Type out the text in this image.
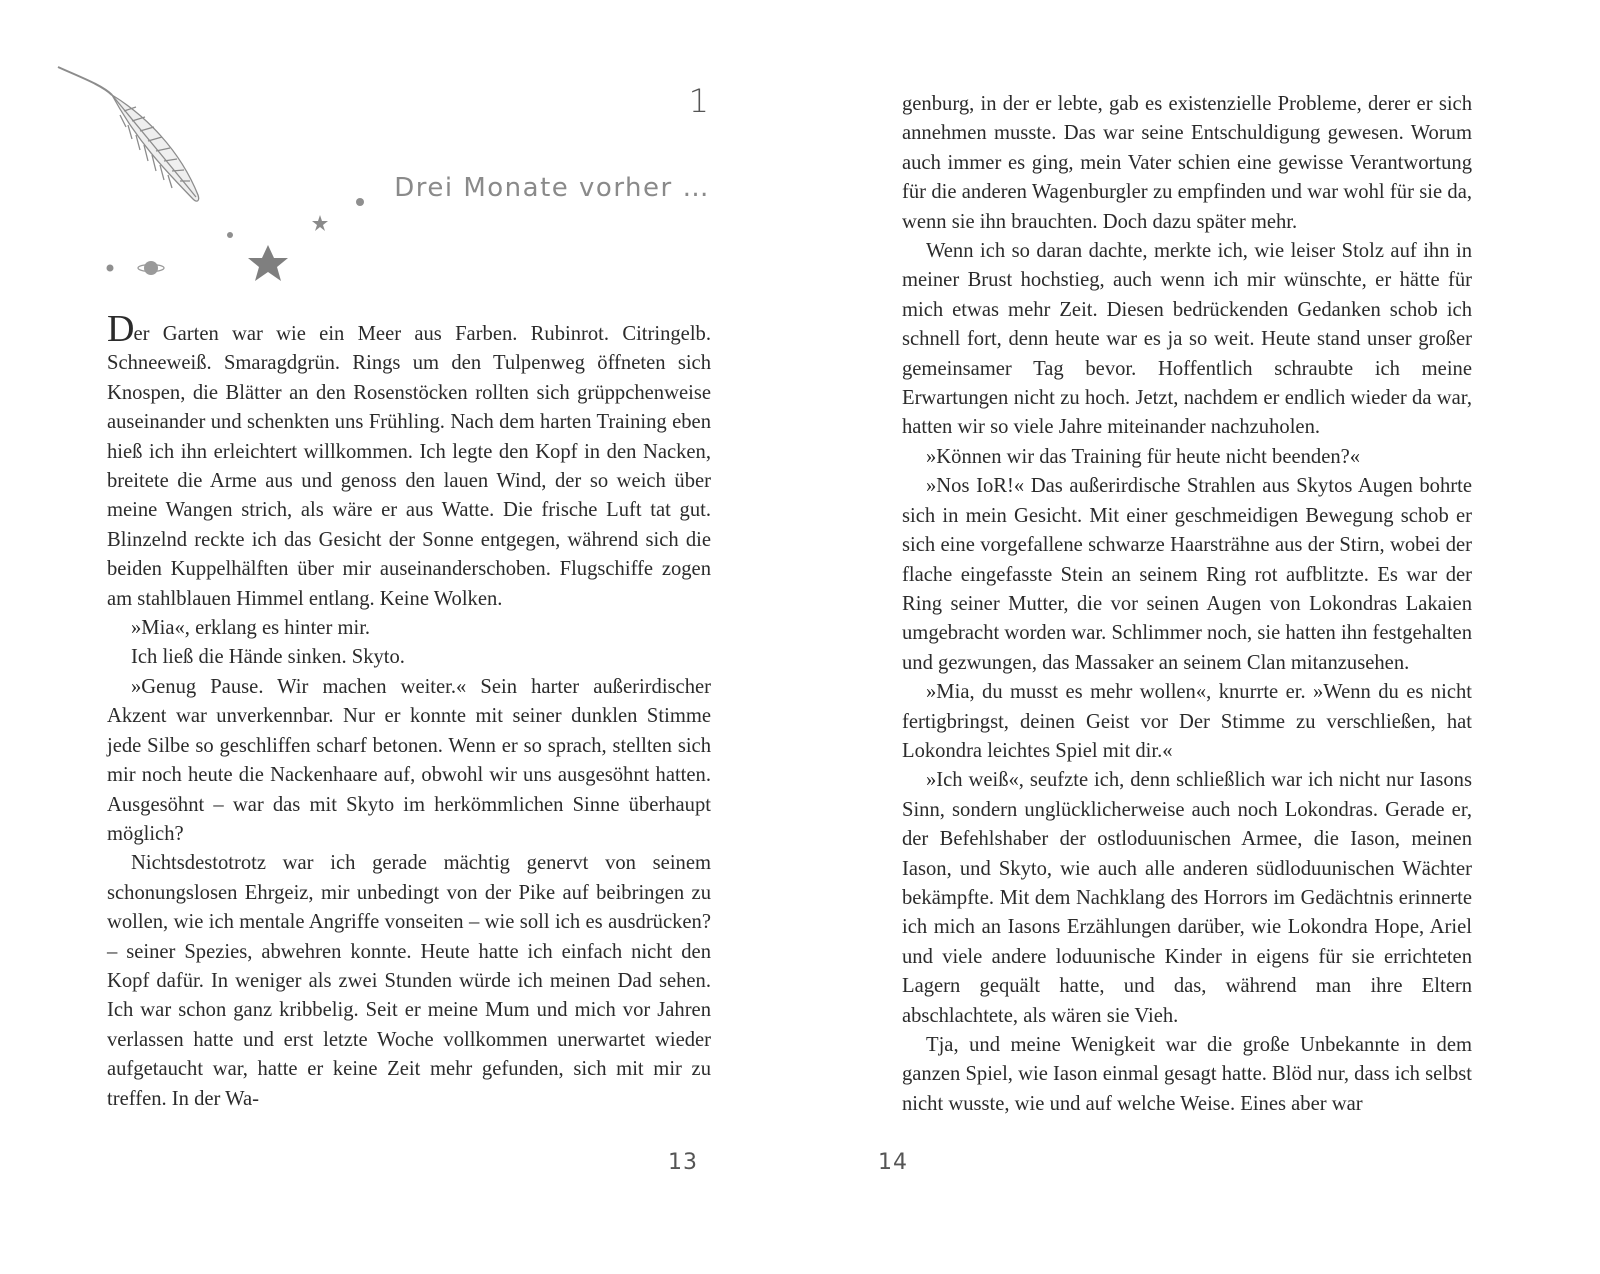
1
Drei Monate vorher …

Der Garten war wie ein Meer aus Farben. Rubinrot. Citringelb. Schneeweiß. Smaragdgrün. Rings um den Tulpenweg öffneten sich Knospen, die Blätter an den Rosenstöcken rollten sich grüppchenweise auseinander und schenkten uns Frühling. Nach dem harten Training eben hieß ich ihn erleichtert willkommen. Ich legte den Kopf in den Nacken, breitete die Arme aus und genoss den lauen Wind, der so weich über meine Wangen strich, als wäre er aus Watte. Die frische Luft tat gut. Blinzelnd reckte ich das Gesicht der Sonne entgegen, während sich die beiden Kuppelhälften über mir auseinanderschoben. Flugschiffe zogen am stahlblauen Himmel entlang. Keine Wolken.

»Mia«, erklang es hinter mir.

Ich ließ die Hände sinken. Skyto.

»Genug Pause. Wir machen weiter.« Sein harter außerirdischer Akzent war unverkennbar. Nur er konnte mit seiner dunklen Stimme jede Silbe so geschliffen scharf betonen. Wenn er so sprach, stellten sich mir noch heute die Nackenhaare auf, obwohl wir uns ausgesöhnt hatten. Ausgesöhnt – war das mit Skyto im herkömmlichen Sinne überhaupt möglich?

Nichtsdestotrotz war ich gerade mächtig genervt von seinem schonungslosen Ehrgeiz, mir unbedingt von der Pike auf beibringen zu wollen, wie ich mentale Angriffe vonseiten – wie soll ich es ausdrücken? – seiner Spezies, abwehren konnte. Heute hatte ich einfach nicht den Kopf dafür. In weniger als zwei Stunden würde ich meinen Dad sehen. Ich war schon ganz kribbelig. Seit er meine Mum und mich vor Jahren verlassen hatte und erst letzte Woche vollkommen unerwartet wieder aufgetaucht war, hatte er keine Zeit mehr gefunden, sich mit mir zu treffen. In der Wa-

13

genburg, in der er lebte, gab es existenzielle Probleme, derer er sich annehmen musste. Das war seine Entschuldigung gewesen. Worum auch immer es ging, mein Vater schien eine gewisse Verantwortung für die anderen Wagenburgler zu empfinden und war wohl für sie da, wenn sie ihn brauchten. Doch dazu später mehr.

Wenn ich so daran dachte, merkte ich, wie leiser Stolz auf ihn in meiner Brust hochstieg, auch wenn ich mir wünschte, er hätte für mich etwas mehr Zeit. Diesen bedrückenden Gedanken schob ich schnell fort, denn heute war es ja so weit. Heute stand unser großer gemeinsamer Tag bevor. Hoffentlich schraubte ich meine Erwartungen nicht zu hoch. Jetzt, nachdem er endlich wieder da war, hatten wir so viele Jahre miteinander nachzuholen.

»Können wir das Training für heute nicht beenden?«

»Nos IoR!« Das außerirdische Strahlen aus Skytos Augen bohrte sich in mein Gesicht. Mit einer geschmeidigen Bewegung schob er sich eine vorgefallene schwarze Haarsträhne aus der Stirn, wobei der flache eingefasste Stein an seinem Ring rot aufblitzte. Es war der Ring seiner Mutter, die vor seinen Augen von Lokondras Lakaien umgebracht worden war. Schlimmer noch, sie hatten ihn festgehalten und gezwungen, das Massaker an seinem Clan mitanzusehen.

»Mia, du musst es mehr wollen«, knurrte er. »Wenn du es nicht fertigbringst, deinen Geist vor Der Stimme zu verschließen, hat Lokondra leichtes Spiel mit dir.«

»Ich weiß«, seufzte ich, denn schließlich war ich nicht nur Iasons Sinn, sondern unglücklicherweise auch noch Lokondras. Gerade er, der Befehlshaber der ostloduunischen Armee, die Iason, meinen Iason, und Skyto, wie auch alle anderen südloduunischen Wächter bekämpfte. Mit dem Nachklang des Horrors im Gedächtnis erinnerte ich mich an Iasons Erzählungen darüber, wie Lokondra Hope, Ariel und viele andere loduunische Kinder in eigens für sie errichteten Lagern gequält hatte, und das, während man ihre Eltern abschlachtete, als wären sie Vieh.

Tja, und meine Wenigkeit war die große Unbekannte in dem ganzen Spiel, wie Iason einmal gesagt hatte. Blöd nur, dass ich selbst nicht wusste, wie und auf welche Weise. Eines aber war

14
